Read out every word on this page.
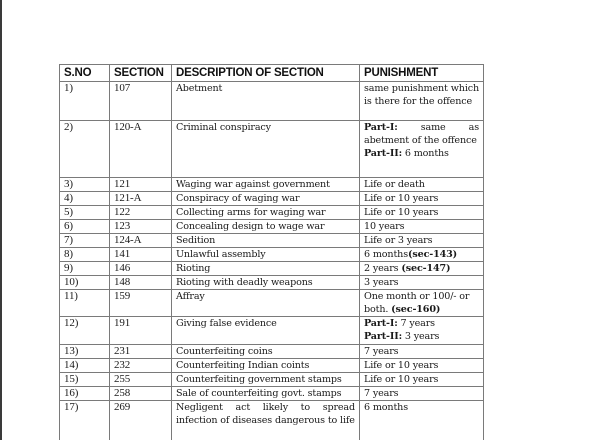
S.NO	SECTION	DESCRIPTION OF SECTION	PUNISHMENT
1)	107	Abetment	same punishment which is there for the offence
2)	120-A	Criminal conspiracy	Part-I: same as abetment of the offence
Part-II: 6 months

3)	121	Waging war against government	Life or death
4)	121-A	Conspiracy of waging war	Life or 10 years
5)	122	Collecting arms for waging war	Life or 10 years
6)	123	Concealing design to wage war	10 years
7)	124-A	Sedition	Life or 3 years
8)	141	Unlawful assembly	6 months(sec-143)
9)	146	Rioting	2 years (sec-147)
10)	148	Rioting with deadly weapons	3 years
11)	159	Affray	One month or 100/- or both. (sec-160)
12)	191	Giving false evidence	Part-I: 7 years
Part-II: 3 years

13)	231	Counterfeiting coins	7 years
14)	232	Counterfeiting Indian coints	Life or 10 years
15)	255	Counterfeiting government stamps	Life or 10 years
16)	258	Sale of counterfeiting govt. stamps	7 years
17)	269	Negligent act likely to spread infection of diseases dangerous to life	6 months
